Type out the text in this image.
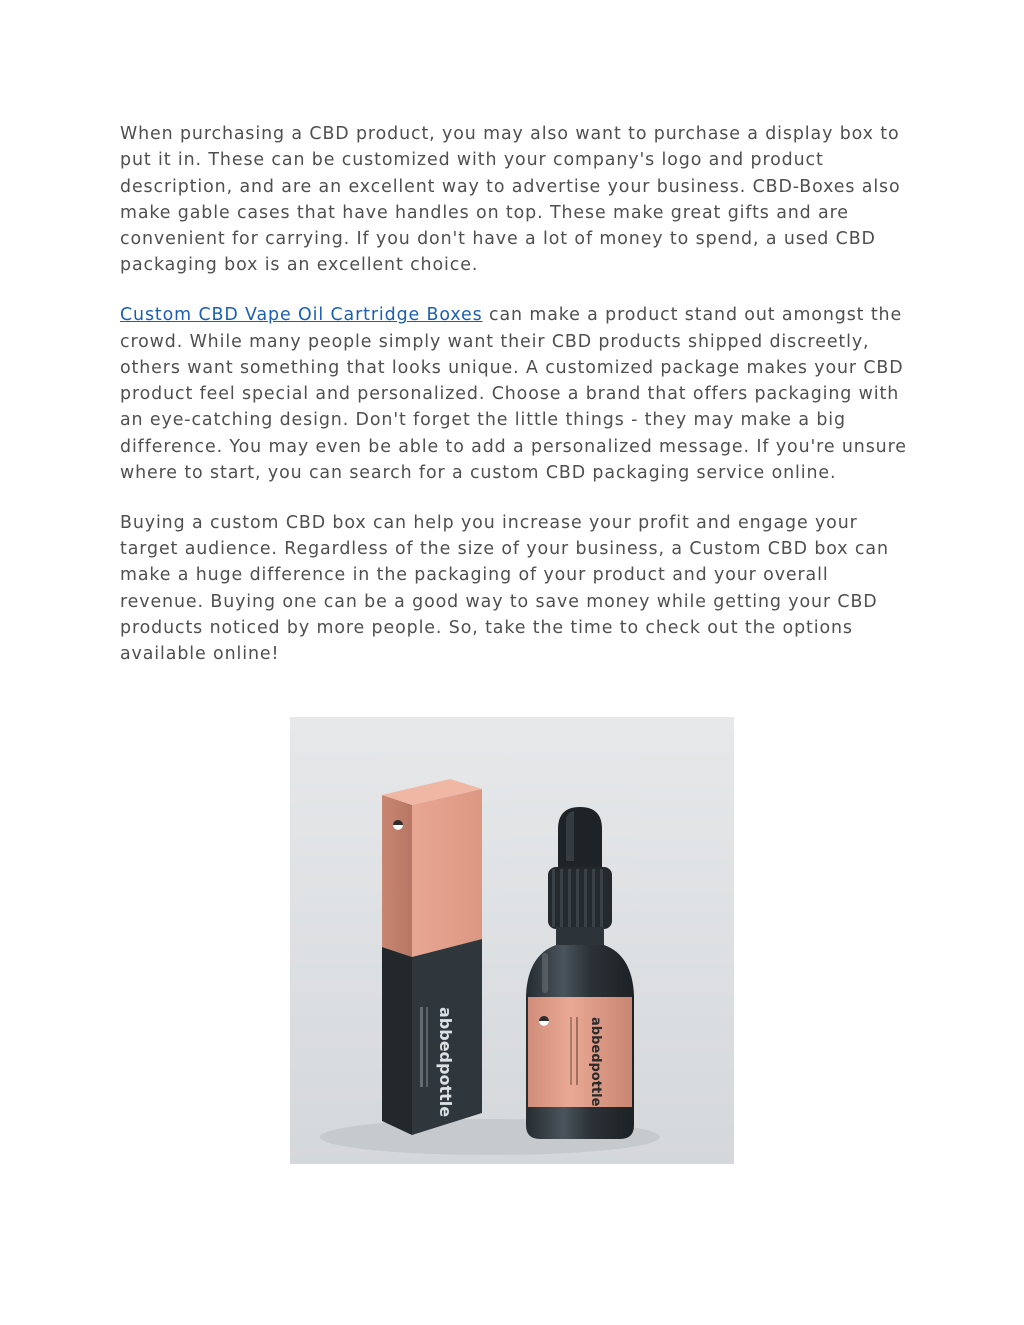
When purchasing a CBD product, you may also want to purchase a display box to put it in. These can be customized with your company's logo and product description, and are an excellent way to advertise your business. CBD-Boxes also make gable cases that have handles on top. These make great gifts and are convenient for carrying. If you don't have a lot of money to spend, a used CBD packaging box is an excellent choice.

Custom CBD Vape Oil Cartridge Boxes can make a product stand out amongst the crowd. While many people simply want their CBD products shipped discreetly, others want something that looks unique. A customized package makes your CBD product feel special and personalized. Choose a brand that offers packaging with an eye-catching design. Don't forget the little things - they may make a big difference. You may even be able to add a personalized message. If you're unsure where to start, you can search for a custom CBD packaging service online.

Buying a custom CBD box can help you increase your profit and engage your target audience. Regardless of the size of your business, a Custom CBD box can make a huge difference in the packaging of your product and your overall revenue. Buying one can be a good way to save money while getting your CBD products noticed by more people. So, take the time to check out the options available online!

abbedpottle	abbedpottle
